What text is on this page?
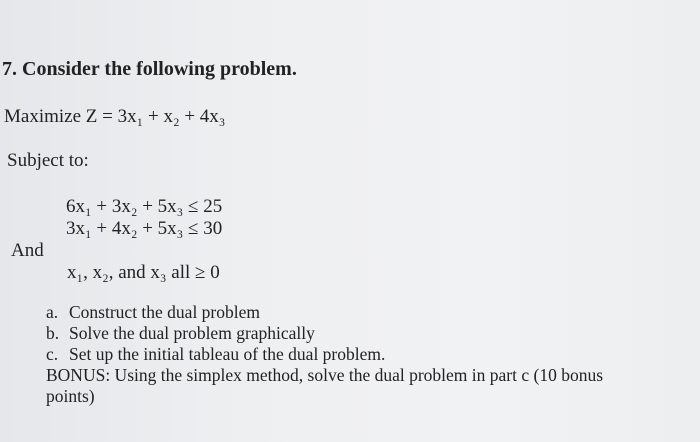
7. Consider the following problem.
Maximize Z = 3x₁ + x₂ + 4x₃
Subject to:
6x₁ + 3x₂ + 5x₃ ≤ 25
3x₁ + 4x₂ + 5x₃ ≤ 30
And
x₁, x₂, and x₃ all ≥ 0
a. Construct the dual problem
b. Solve the dual problem graphically
c. Set up the initial tableau of the dual problem.
BONUS: Using the simplex method, solve the dual problem in part c (10 bonus points)
